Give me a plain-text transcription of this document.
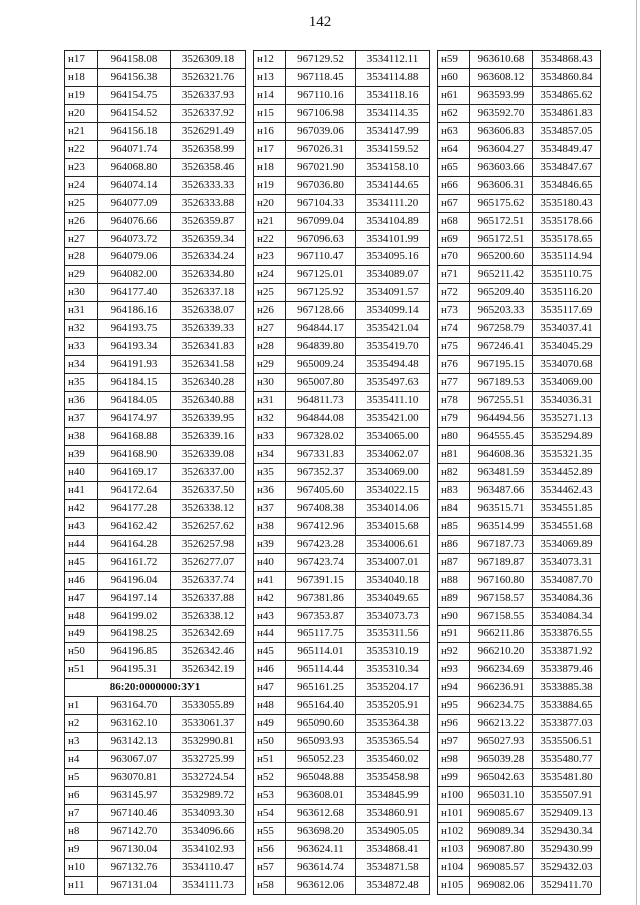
142
н17	964158.08	3526309.18
н18	964156.38	3526321.76
н19	964154.75	3526337.93
н20	964154.52	3526337.92
н21	964156.18	3526291.49
н22	964071.74	3526358.99
н23	964068.80	3526358.46
н24	964074.14	3526333.33
н25	964077.09	3526333.88
н26	964076.66	3526359.87
н27	964073.72	3526359.34
н28	964079.06	3526334.24
н29	964082.00	3526334.80
н30	964177.40	3526337.18
н31	964186.16	3526338.07
н32	964193.75	3526339.33
н33	964193.34	3526341.83
н34	964191.93	3526341.58
н35	964184.15	3526340.28
н36	964184.05	3526340.88
н37	964174.97	3526339.95
н38	964168.88	3526339.16
н39	964168.90	3526339.08
н40	964169.17	3526337.00
н41	964172.64	3526337.50
н42	964177.28	3526338.12
н43	964162.42	3526257.62
н44	964164.28	3526257.98
н45	964161.72	3526277.07
н46	964196.04	3526337.74
н47	964197.14	3526337.88
н48	964199.02	3526338.12
н49	964198.25	3526342.69
н50	964196.85	3526342.46
н51	964195.31	3526342.19
86:20:0000000:ЗУ1		
н1	963164.70	3533055.89
н2	963162.10	3533061.37
н3	963142.13	3532990.81
н4	963067.07	3532725.99
н5	963070.81	3532724.54
н6	963145.97	3532989.72
н7	967140.46	3534093.30
н8	967142.70	3534096.66
н9	967130.04	3534102.93
н10	967132.76	3534110.47
н11	967131.04	3534111.73
н12	967129.52	3534112.11
н13	967118.45	3534114.88
н14	967110.16	3534118.16
н15	967106.98	3534114.35
н16	967039.06	3534147.99
н17	967026.31	3534159.52
н18	967021.90	3534158.10
н19	967036.80	3534144.65
н20	967104.33	3534111.20
н21	967099.04	3534104.89
н22	967096.63	3534101.99
н23	967110.47	3534095.16
н24	967125.01	3534089.07
н25	967125.92	3534091.57
н26	967128.66	3534099.14
н27	964844.17	3535421.04
н28	964839.80	3535419.70
н29	965009.24	3535494.48
н30	965007.80	3535497.63
н31	964811.73	3535411.10
н32	964844.08	3535421.00
н33	967328.02	3534065.00
н34	967331.83	3534062.07
н35	967352.37	3534069.00
н36	967405.60	3534022.15
н37	967408.38	3534014.06
н38	967412.96	3534015.68
н39	967423.28	3534006.61
н40	967423.74	3534007.01
н41	967391.15	3534040.18
н42	967381.86	3534049.65
н43	967353.87	3534073.73
н44	965117.75	3535311.56
н45	965114.01	3535310.19
н46	965114.44	3535310.34
н47	965161.25	3535204.17
н48	965164.40	3535205.91
н49	965090.60	3535364.38
н50	965093.93	3535365.54
н51	965052.23	3535460.02
н52	965048.88	3535458.98
н53	963608.01	3534845.99
н54	963612.68	3534860.91
н55	963698.20	3534905.05
н56	963624.11	3534868.41
н57	963614.74	3534871.58
н58	963612.06	3534872.48
н59	963610.68	3534868.43
н60	963608.12	3534860.84
н61	963593.99	3534865.62
н62	963592.70	3534861.83
н63	963606.83	3534857.05
н64	963604.27	3534849.47
н65	963603.66	3534847.67
н66	963606.31	3534846.65
н67	965175.62	3535180.43
н68	965172.51	3535178.66
н69	965172.51	3535178.65
н70	965200.60	3535114.94
н71	965211.42	3535110.75
н72	965209.40	3535116.20
н73	965203.33	3535117.69
н74	967258.79	3534037.41
н75	967246.41	3534045.29
н76	967195.15	3534070.68
н77	967189.53	3534069.00
н78	967255.51	3534036.31
н79	964494.56	3535271.13
н80	964555.45	3535294.89
н81	964608.36	3535321.35
н82	963481.59	3534452.89
н83	963487.66	3534462.43
н84	963515.71	3534551.85
н85	963514.99	3534551.68
н86	967187.73	3534069.89
н87	967189.87	3534073.31
н88	967160.80	3534087.70
н89	967158.57	3534084.36
н90	967158.55	3534084.34
н91	966211.86	3533876.55
н92	966210.20	3533871.92
н93	966234.69	3533879.46
н94	966236.91	3533885.38
н95	966234.75	3533884.65
н96	966213.22	3533877.03
н97	965027.93	3535506.51
н98	965039.28	3535480.77
н99	965042.63	3535481.80
н100	965031.10	3535507.91
н101	969085.67	3529409.13
н102	969089.34	3529430.34
н103	969087.80	3529430.99
н104	969085.57	3529432.03
н105	969082.06	3529411.70
